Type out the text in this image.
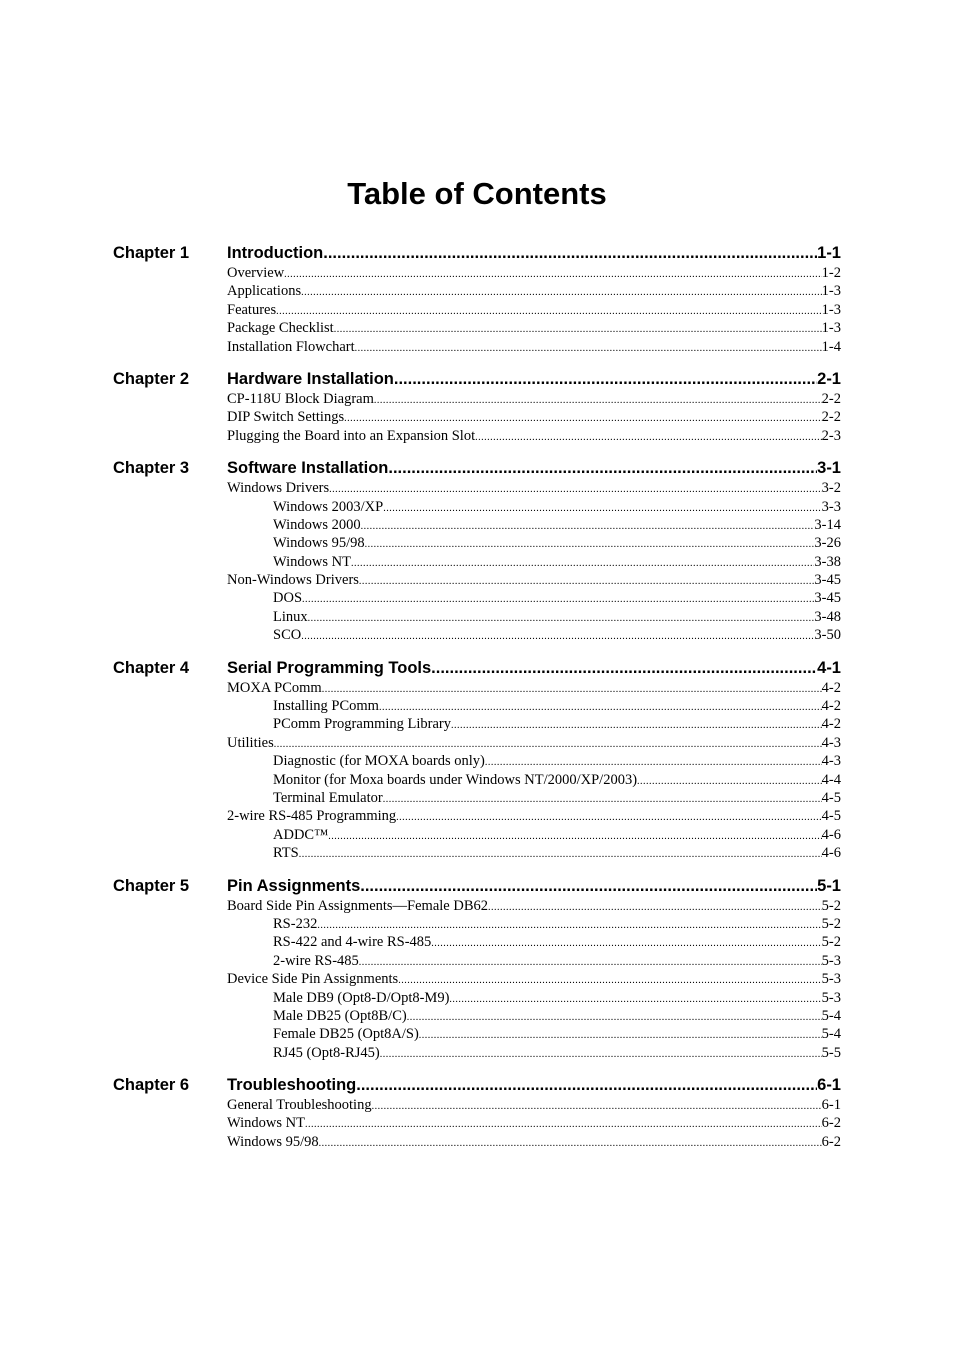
Table of Contents
Chapter 1	Introduction .....	1-1
Overview .....	1-2
Applications .....	1-3
Features .....	1-3
Package Checklist .....	1-3
Installation Flowchart .....	1-4
Chapter 2	Hardware Installation .....	2-1
CP-118U Block Diagram .....	2-2
DIP Switch Settings .....	2-2
Plugging the Board into an Expansion Slot .....	2-3
Chapter 3	Software Installation .....	3-1
Windows Drivers .....	3-2
Windows 2003/XP .....	3-3
Windows 2000 .....	3-14
Windows 95/98 .....	3-26
Windows NT .....	3-38
Non-Windows Drivers .....	3-45
DOS .....	3-45
Linux .....	3-48
SCO .....	3-50
Chapter 4	Serial Programming Tools .....	4-1
MOXA PComm .....	4-2
Installing PComm .....	4-2
PComm Programming Library .....	4-2
Utilities .....	4-3
Diagnostic (for MOXA boards only) .....	4-3
Monitor (for Moxa boards under Windows NT/2000/XP/2003) .....	4-4
Terminal Emulator .....	4-5
2-wire RS-485 Programming .....	4-5
ADDC™ .....	4-6
RTS .....	4-6
Chapter 5	Pin Assignments .....	5-1
Board Side Pin Assignments—Female DB62 .....	5-2
RS-232 .....	5-2
RS-422 and 4-wire RS-485 .....	5-2
2-wire RS-485 .....	5-3
Device Side Pin Assignments .....	5-3
Male DB9 (Opt8-D/Opt8-M9) .....	5-3
Male DB25 (Opt8B/C) .....	5-4
Female DB25 (Opt8A/S) .....	5-4
RJ45 (Opt8-RJ45) .....	5-5
Chapter 6	Troubleshooting .....	6-1
General Troubleshooting .....	6-1
Windows NT .....	6-2
Windows 95/98 .....	6-2
